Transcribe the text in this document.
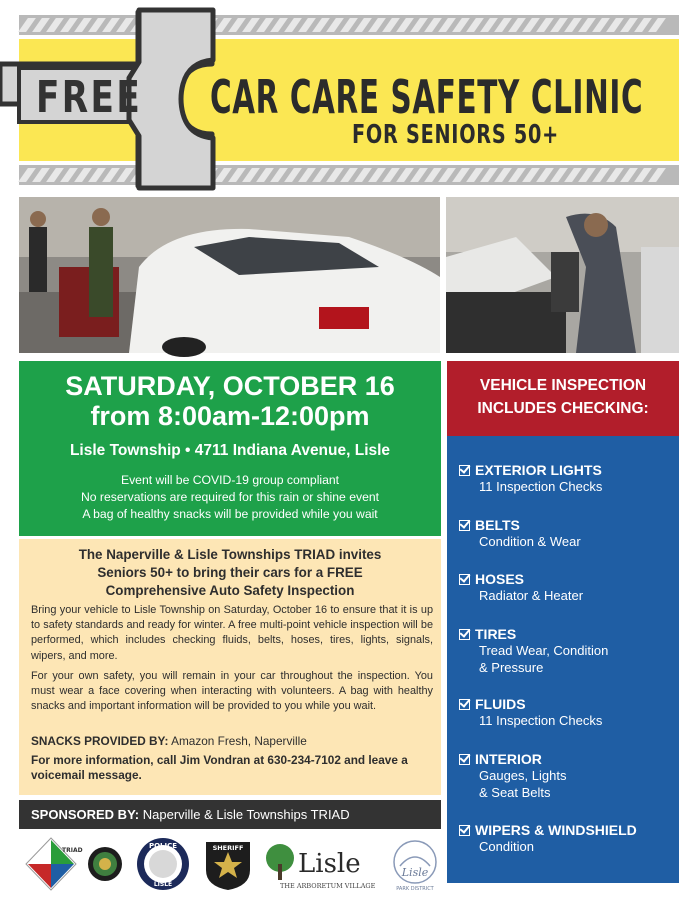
FREE CAR CARE SAFETY CLINIC
FOR SENIORS 50+
SATURDAY, OCTOBER 16
from 8:00am-12:00pm
Lisle Township • 4711 Indiana Avenue, Lisle
Event will be COVID-19 group compliant
No reservations are required for this rain or shine event
A bag of healthy snacks will be provided while you wait
The Naperville & Lisle Townships TRIAD invites
Seniors 50+ to bring their cars for a FREE
Comprehensive Auto Safety Inspection
Bring your vehicle to Lisle Township on Saturday, October 16 to ensure that it is up to safety standards and ready for winter. A free multi-point vehicle inspection will be performed, which includes checking fluids, belts, hoses, tires, lights, signals, wipers, and more.
For your own safety, you will remain in your car throughout the inspection. You must wear a face covering when interacting with volunteers. A bag with healthy snacks and important information will be provided to you while you wait.
SNACKS PROVIDED BY: Amazon Fresh, Naperville
For more information, call Jim Vondran at 630-234-7102 and leave a voicemail message.
SPONSORED BY: Naperville & Lisle Townships TRIAD
VEHICLE INSPECTION
INCLUDES CHECKING:
EXTERIOR LIGHTS
11 Inspection Checks
BELTS
Condition & Wear
HOSES
Radiator & Heater
TIRES
Tread Wear, Condition
& Pressure
FLUIDS
11 Inspection Checks
INTERIOR
Gauges, Lights
& Seat Belts
WIPERS & WINDSHIELD
Condition
TRIAD
POLICE
LISLE
SHERIFF
Lisle
THE ARBORETUM VILLAGE
Lisle
PARK DISTRICT
